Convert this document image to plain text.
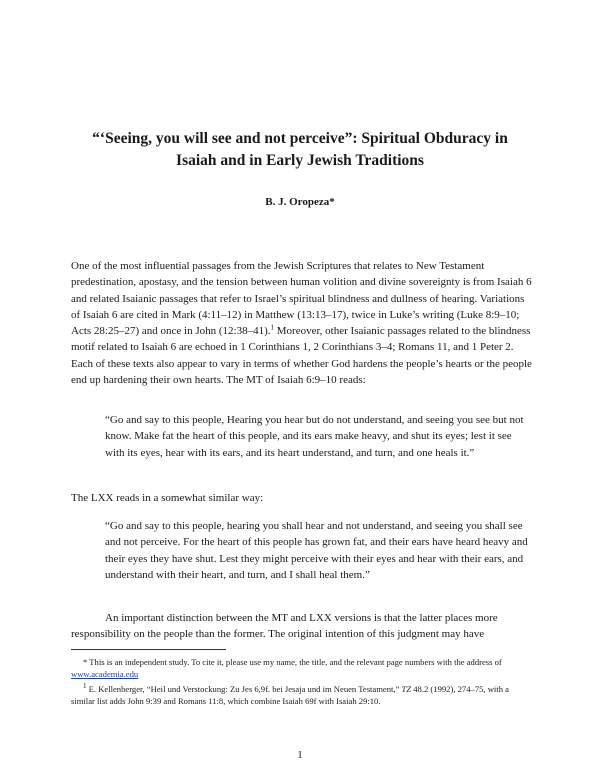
“‘Seeing, you will see and not perceive”: Spiritual Obduracy in
Isaiah and in Early Jewish Traditions

B. J. Oropeza*

One of the most influential passages from the Jewish Scriptures that relates to New Testament predestination, apostasy, and the tension between human volition and divine sovereignty is from Isaiah 6 and related Isaianic passages that refer to Israel’s spiritual blindness and dullness of hearing. Variations of Isaiah 6 are cited in Mark (4:11–12) in Matthew (13:13–17), twice in Luke’s writing (Luke 8:9–10; Acts 28:25–27) and once in John (12:38–41).$^1$ Moreover, other Isaianic passages related to the blindness motif related to Isaiah 6 are echoed in 1 Corinthians 1, 2 Corinthians 3–4; Romans 11, and 1 Peter 2. Each of these texts also appear to vary in terms of whether God hardens the people’s hearts or the people end up hardening their own hearts. The MT of Isaiah 6:9–10 reads:

“Go and say to this people, Hearing you hear but do not understand, and seeing you see but not know. Make fat the heart of this people, and its ears make heavy, and shut its eyes; lest it see with its eyes, hear with its ears, and its heart understand, and turn, and one heals it.”

The LXX reads in a somewhat similar way:

“Go and say to this people, hearing you shall hear and not understand, and seeing you shall see and not perceive. For the heart of this people has grown fat, and their ears have heard heavy and their eyes they have shut. Lest they might perceive with their eyes and hear with their ears, and understand with their heart, and turn, and I shall heal them.”

An important distinction between the MT and LXX versions is that the latter places more responsibility on the people than the former. The original intention of this judgment may have

* This is an independent study. To cite it, please use my name, the title, and the relevant page numbers with the address of www.academia.edu

$^1$ E. Kellenberger, “Heil und Verstockung: Zu Jes 6,9f. bei Jesaja und im Neuen Testament,” TZ 48.2 (1992), 274–75, with a similar list adds John 9:39 and Romans 11:8, which combine Isaiah 69f with Isaiah 29:10.

1
